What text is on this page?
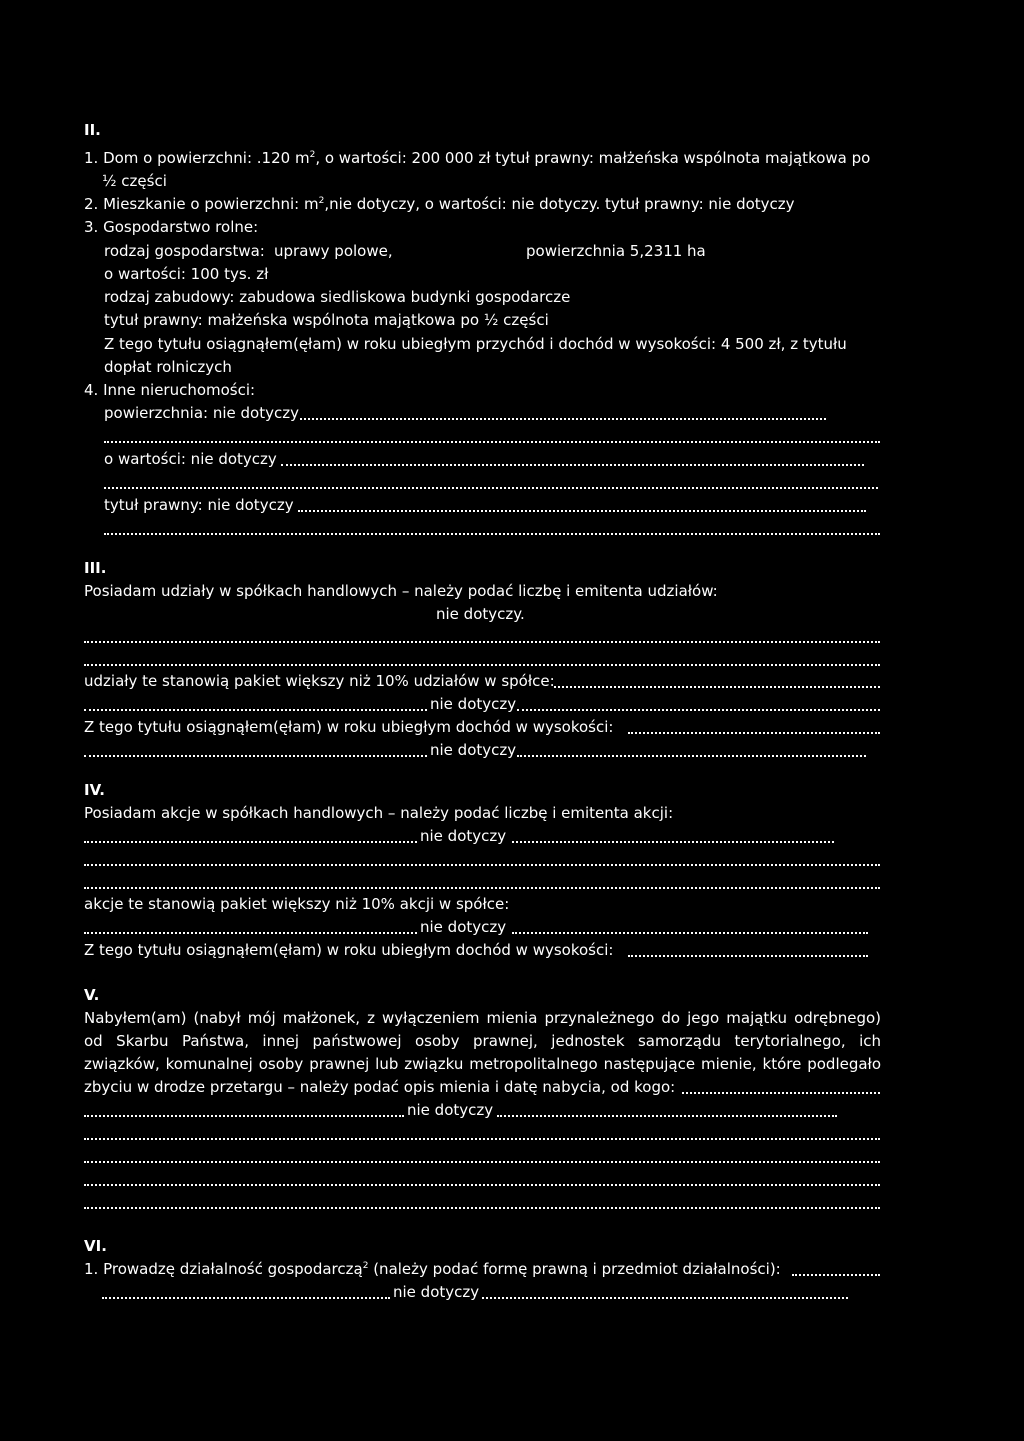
II.
1. Dom o powierzchni: .120 $m^2$, o wartości: 200 000 zł tytuł prawny: małżeńska wspólnota majątkowa po
½ części
2. Mieszkanie o powierzchni: $m^2,nie$ dotyczy, o wartości: nie dotyczy. tytuł prawny: nie dotyczy
3. Gospodarstwo rolne:
rodzaj gospodarstwa: uprawy polowe,	powierzchnia 5,2311 ha
o wartości: 100 tys. zł
rodzaj zabudowy: zabudowa siedliskowa budynki gospodarcze
tytuł prawny: małżeńska wspólnota majątkowa po ½ części
Z tego tytułu osiągnąłem(ęłam) w roku ubiegłym przychód i dochód w wysokości: 4 500 zł, z tytułu
dopłat rolniczych
4. Inne nieruchomości:
powierzchnia: nie dotyczy
o wartości: nie dotyczy
tytuł prawny: nie dotyczy
III.
Posiadam udziały w spółkach handlowych – należy podać liczbę i emitenta udziałów:
nie dotyczy.
udziały te stanowią pakiet większy niż 10% udziałów w spółce:
nie dotyczy
Z tego tytułu osiągnąłem(ęłam) w roku ubiegłym dochód w wysokości:
nie dotyczy
IV.
Posiadam akcje w spółkach handlowych – należy podać liczbę i emitenta akcji:
nie dotyczy
akcje te stanowią pakiet większy niż 10% akcji w spółce:
nie dotyczy
Z tego tytułu osiągnąłem(ęłam) w roku ubiegłym dochód w wysokości:
V.
Nabyłem(am) (nabył mój małżonek, z wyłączeniem mienia przynależnego do jego majątku odrębnego)
od Skarbu Państwa, innej państwowej osoby prawnej, jednostek samorządu terytorialnego, ich
związków, komunalnej osoby prawnej lub związku metropolitalnego następujące mienie, które podlegało
zbyciu w drodze przetargu – należy podać opis mienia i datę nabycia, od kogo:
nie dotyczy
VI.
1. Prowadzę działalność gospodarczą$^2$ (należy podać formę prawną i przedmiot działalności):
nie dotyczy
